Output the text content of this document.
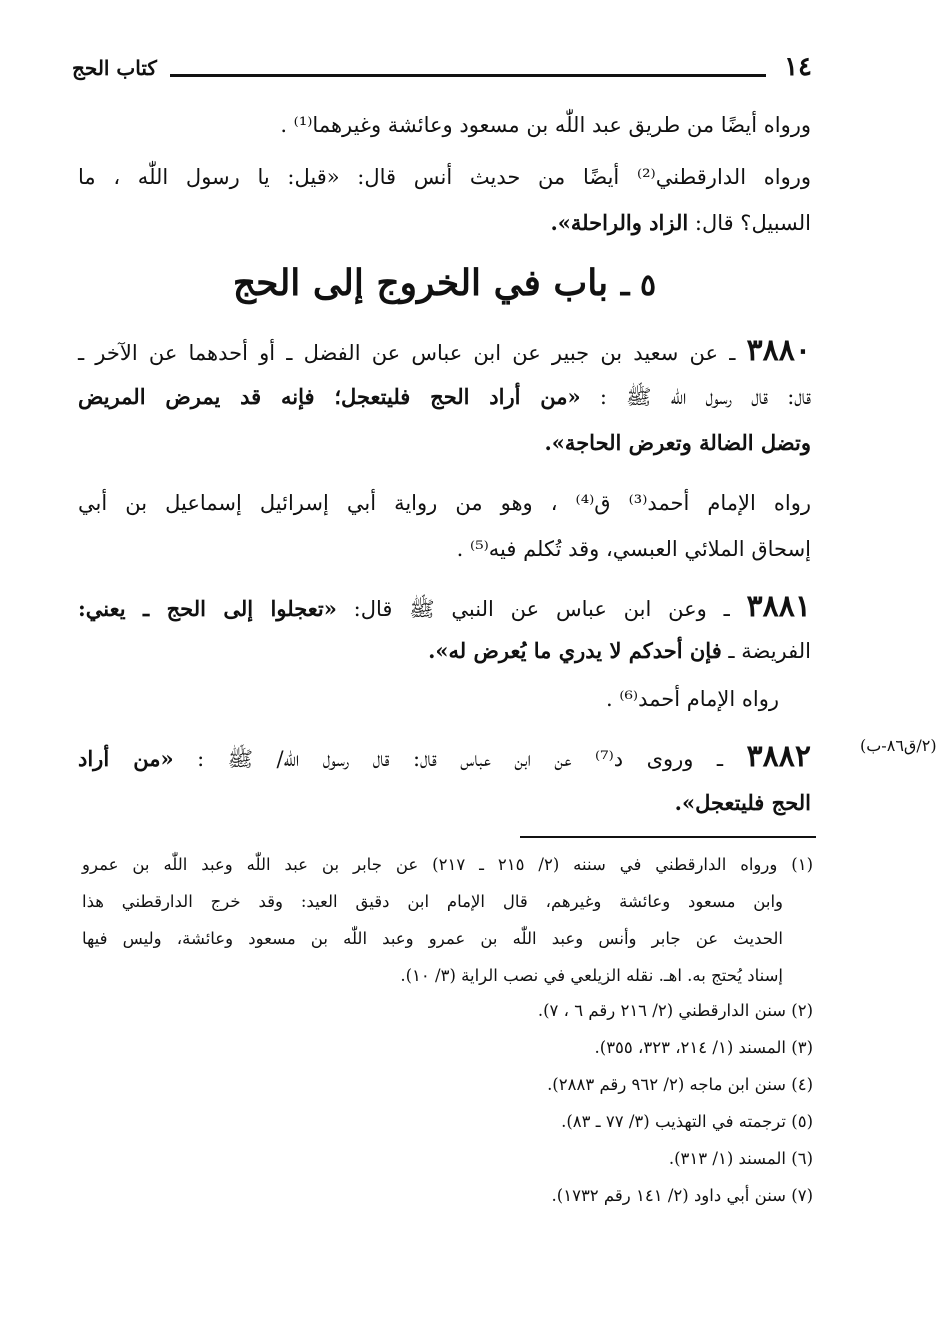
١٤
كتاب الحج
ورواه أيضًا من طريق عبد اللّٰه بن مسعود وعائشة وغيرهما⁽¹⁾ .
ورواه الدارقطني⁽²⁾ أيضًا من حديث أنس قال: «قيل: يا رسول اللّٰه ، ما
السبيل؟ قال: الزاد والراحلة».
٥ ـ باب في الخروج إلى الحج
٣٨٨٠ ـ عن سعيد بن جبير عن ابن عباس عن الفضل ـ أو أحدهما عن الآخر ـ
قال: قال رسول اللّٰه ﷺ : «من أراد الحج فليتعجل؛ فإنه قد يمرض المريض
وتضل الضالة وتعرض الحاجة».
رواه الإمام أحمد⁽³⁾ ق⁽⁴⁾ ، وهو من رواية أبي إسرائيل إسماعيل بن أبي
إسحاق الملائي العبسي، وقد تُكلم فيه⁽⁵⁾ .
٣٨٨١ ـ وعن ابن عباس عن النبي ﷺ قال: «تعجلوا إلى الحج ـ يعني:
الفريضة ـ فإن أحدكم لا يدري ما يُعرض له».
رواه الإمام أحمد⁽⁶⁾ .
(٢/ق٨٦-ب)
٣٨٨٢ ـ وروى د⁽⁷⁾ عن ابن عباس قال: قال رسول اللّٰه/ ﷺ : «من أراد
الحج فليتعجل».
(١) ورواه الدارقطني في سننه (٢/ ٢١٥ ـ ٢١٧) عن جابر بن عبد اللّٰه وعبد اللّٰه بن عمرو
وابن مسعود وعائشة وغيرهم، قال الإمام ابن دقيق العيد: وقد خرج الدارقطني هذا
الحديث عن جابر وأنس وعبد اللّٰه بن عمرو وعبد اللّٰه بن مسعود وعائشة، وليس فيها
إسناد يُحتج به. اهـ. نقله الزيلعي في نصب الراية (٣/ ١٠).
(٢) سنن الدارقطني (٢/ ٢١٦ رقم ٦ ، ٧).
(٣) المسند (١/ ٢١٤، ٣٢٣، ٣٥٥).
(٤) سنن ابن ماجه (٢/ ٩٦٢ رقم ٢٨٨٣).
(٥) ترجمته في التهذيب (٣/ ٧٧ ـ ٨٣).
(٦) المسند (١/ ٣١٣).
(٧) سنن أبي داود (٢/ ١٤١ رقم ١٧٣٢).
